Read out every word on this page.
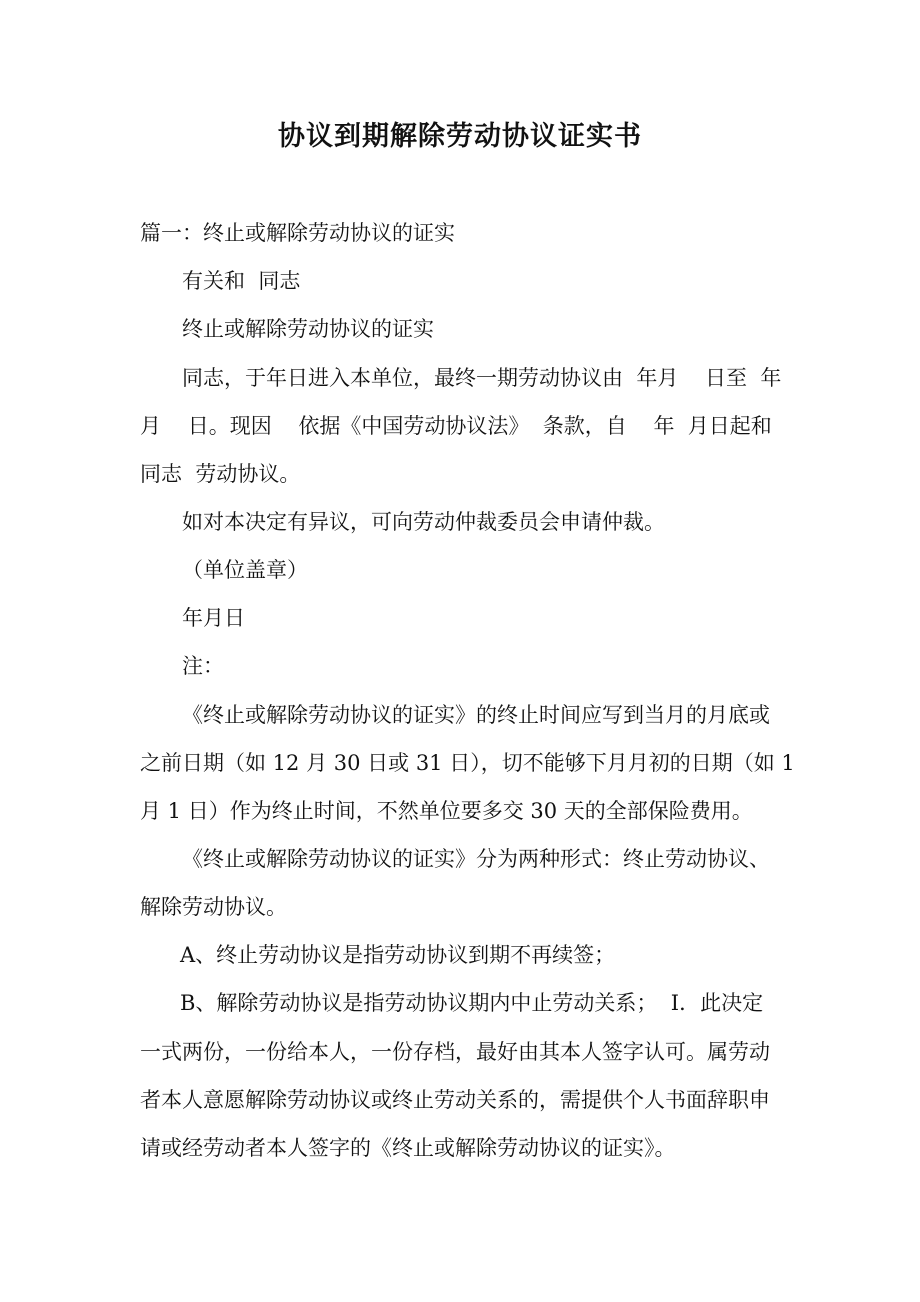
协议到期解除劳动协议证实书
篇一：终止或解除劳动协议的证实
有关和  同志
终止或解除劳动协议的证实
同志，于年日进入本单位，最终一期劳动协议由  年月    日至  年
月    日。现因    依据《中国劳动协议法》  条款，自    年  月日起和
同志  劳动协议。
如对本决定有异议，可向劳动仲裁委员会申请仲裁。
（单位盖章）
年月日
注：
《终止或解除劳动协议的证实》的终止时间应写到当月的月底或
之前日期（如 12 月 30 日或 31 日），切不能够下月月初的日期（如 1
月 1 日）作为终止时间，不然单位要多交 30 天的全部保险费用。
《终止或解除劳动协议的证实》分为两种形式：终止劳动协议、
解除劳动协议。
A、终止劳动协议是指劳动协议到期不再续签；
B、解除劳动协议是指劳动协议期内中止劳动关系；  Ⅰ．此决定
一式两份，一份给本人，一份存档，最好由其本人签字认可。属劳动
者本人意愿解除劳动协议或终止劳动关系的，需提供个人书面辞职申
请或经劳动者本人签字的《终止或解除劳动协议的证实》。
